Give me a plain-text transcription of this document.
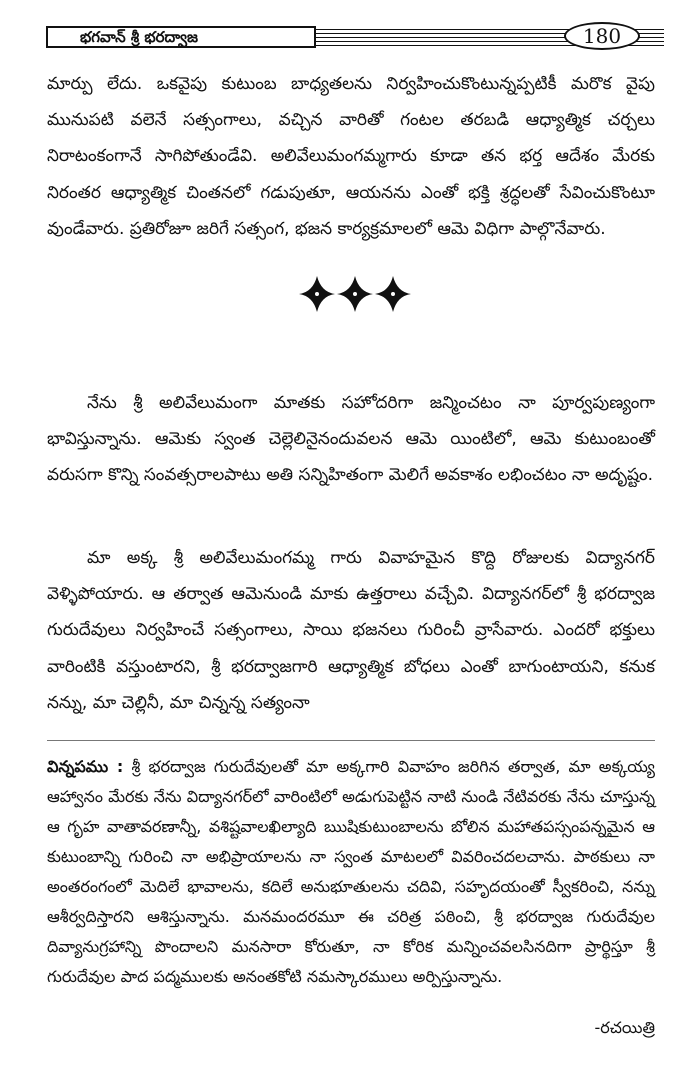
భగవాన్ శ్రీ భరద్వాజ	180

మార్పు లేదు. ఒకవైపు కుటుంబ బాధ్యతలను నిర్వహించుకొంటున్నప్పటికీ మరొక వైపు మునుపటి వలెనే సత్సంగాలు, వచ్చిన వారితో గంటల తరబడి ఆధ్యాత్మిక చర్చలు నిరాటంకంగానే సాగిపోతుండేవి. అలివేలుమంగమ్మగారు కూడా తన భర్త ఆదేశం మేరకు నిరంతర ఆధ్యాత్మిక చింతనలో గడుపుతూ, ఆయనను ఎంతో భక్తి శ్రద్ధలతో సేవించుకొంటూ వుండేవారు. ప్రతిరోజూ జరిగే సత్సంగ, భజన కార్యక్రమాలలో ఆమె విధిగా పాల్గొనేవారు.

నేను శ్రీ అలివేలుమంగా మాతకు సహోదరిగా జన్మించటం నా పూర్వపుణ్యంగా భావిస్తున్నాను. ఆమెకు స్వంత చెల్లెలినైనందువలన ఆమె యింటిలో, ఆమె కుటుంబంతో వరుసగా కొన్ని సంవత్సరాలపాటు అతి సన్నిహితంగా మెలిగే అవకాశం లభించటం నా అదృష్టం.

మా అక్క శ్రీ అలివేలుమంగమ్మ గారు వివాహమైన కొద్ది రోజులకు విద్యానగర్ వెళ్ళిపోయారు. ఆ తర్వాత ఆమెనుండి మాకు ఉత్తరాలు వచ్చేవి. విద్యానగర్‌లో శ్రీ భరద్వాజ గురుదేవులు నిర్వహించే సత్సంగాలు, సాయి భజనలు గురించీ వ్రాసేవారు. ఎందరో భక్తులు వారింటికి వస్తుంటారని, శ్రీ భరద్వాజగారి ఆధ్యాత్మిక బోధలు ఎంతో బాగుంటాయని, కనుక నన్ను, మా చెల్లినీ, మా చిన్నన్న సత్యంనా

విన్నపము : శ్రీ భరద్వాజ గురుదేవులతో మా అక్కగారి వివాహం జరిగిన తర్వాత, మా అక్కయ్య ఆహ్వానం మేరకు నేను విద్యానగర్‌లో వారింటిలో అడుగుపెట్టిన నాటి నుండి నేటివరకు నేను చూస్తున్న ఆ గృహ వాతావరణాన్నీ, వశిష్టవాలఖిల్యాది ఋషికుటుంబాలను బోలిన మహాతపస్సంపన్నమైన ఆ కుటుంబాన్ని గురించి నా అభిప్రాయాలను నా స్వంత మాటలలో వివరించదలచాను. పాఠకులు నా అంతరంగంలో మెదిలే భావాలను, కదిలే అనుభూతులను చదివి, సహృదయంతో స్వీకరించి, నన్ను ఆశీర్వదిస్తారని ఆశిస్తున్నాను. మనమందరమూ ఈ చరిత్ర పఠించి, శ్రీ భరద్వాజ గురుదేవుల దివ్యానుగ్రహాన్ని పొందాలని మనసారా కోరుతూ, నా కోరిక మన్నించవలసినదిగా ప్రార్థిస్తూ శ్రీ గురుదేవుల పాద పద్మములకు అనంతకోటి నమస్కారములు అర్పిస్తున్నాను.

-రచయిత్రి
